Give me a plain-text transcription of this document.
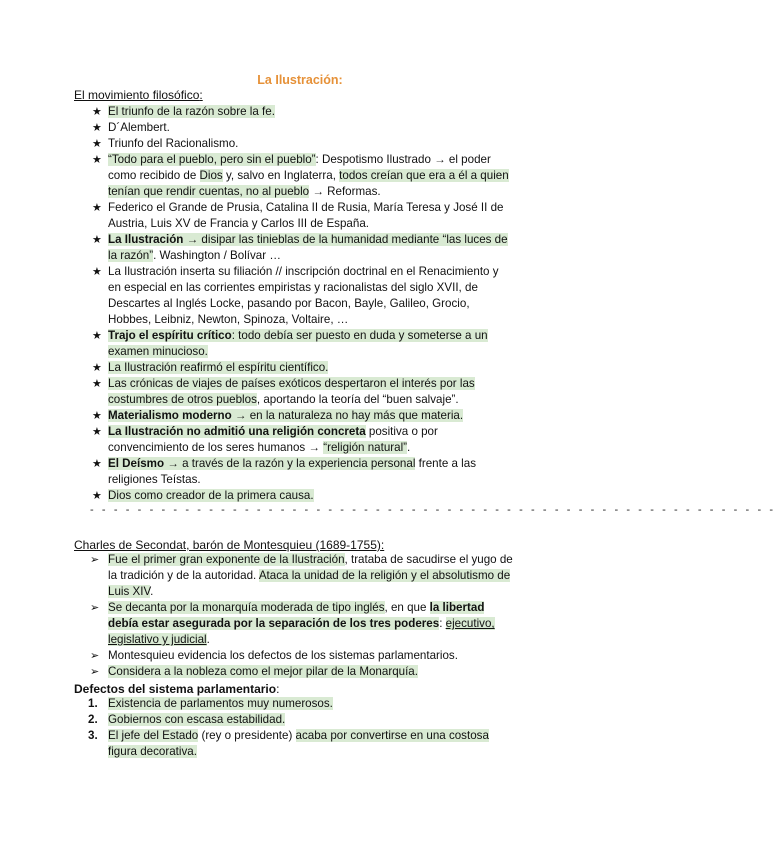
La Ilustración:
El movimiento filosófico:
★ El triunfo de la razón sobre la fe.
★ D´Alembert.
★ Triunfo del Racionalismo.
★ “Todo para el pueblo, pero sin el pueblo”: Despotismo Ilustrado → el poder como recibido de Dios y, salvo en Inglaterra, todos creían que era a él a quien tenían que rendir cuentas, no al pueblo → Reformas.
★ Federico el Grande de Prusia, Catalina II de Rusia, María Teresa y José II de Austria, Luis XV de Francia y Carlos III de España.
★ La Ilustración → disipar las tinieblas de la humanidad mediante “las luces de la razón”. Washington / Bolívar …
★ La Ilustración inserta su filiación // inscripción doctrinal en el Renacimiento y en especial en las corrientes empiristas y racionalistas del siglo XVII, de Descartes al Inglés Locke, pasando por Bacon, Bayle, Galileo, Grocio, Hobbes, Leibniz, Newton, Spinoza, Voltaire, …
★ Trajo el espíritu crítico: todo debía ser puesto en duda y someterse a un examen minucioso.
★ La Ilustración reafirmó el espíritu científico.
★ Las crónicas de viajes de países exóticos despertaron el interés por las costumbres de otros pueblos, aportando la teoría del “buen salvaje”.
★ Materialismo moderno → en la naturaleza no hay más que materia.
★ La Ilustración no admitió una religión concreta positiva o por convencimiento de los seres humanos → “religión natural”.
★ El Deísmo → a través de la razón y la experiencia personal frente a las religiones Teístas.
★ Dios como creador de la primera causa.
- - - - - - - - - - - - - - - - - - - - - - - - - - - - - - - - - - - - - - - - - - - - - - - - - - - - - - - - - -
Charles de Secondat, barón de Montesquieu (1689-1755):
➢ Fue el primer gran exponente de la Ilustración, trataba de sacudirse el yugo de la tradición y de la autoridad. Ataca la unidad de la religión y el absolutismo de Luis XIV.
➢ Se decanta por la monarquía moderada de tipo inglés, en que la libertad debía estar asegurada por la separación de los tres poderes: ejecutivo, legislativo y judicial.
➢ Montesquieu evidencia los defectos de los sistemas parlamentarios.
➢ Considera a la nobleza como el mejor pilar de la Monarquía.
Defectos del sistema parlamentario:
1. Existencia de parlamentos muy numerosos.
2. Gobiernos con escasa estabilidad.
3. El jefe del Estado (rey o presidente) acaba por convertirse en una costosa figura decorativa.
